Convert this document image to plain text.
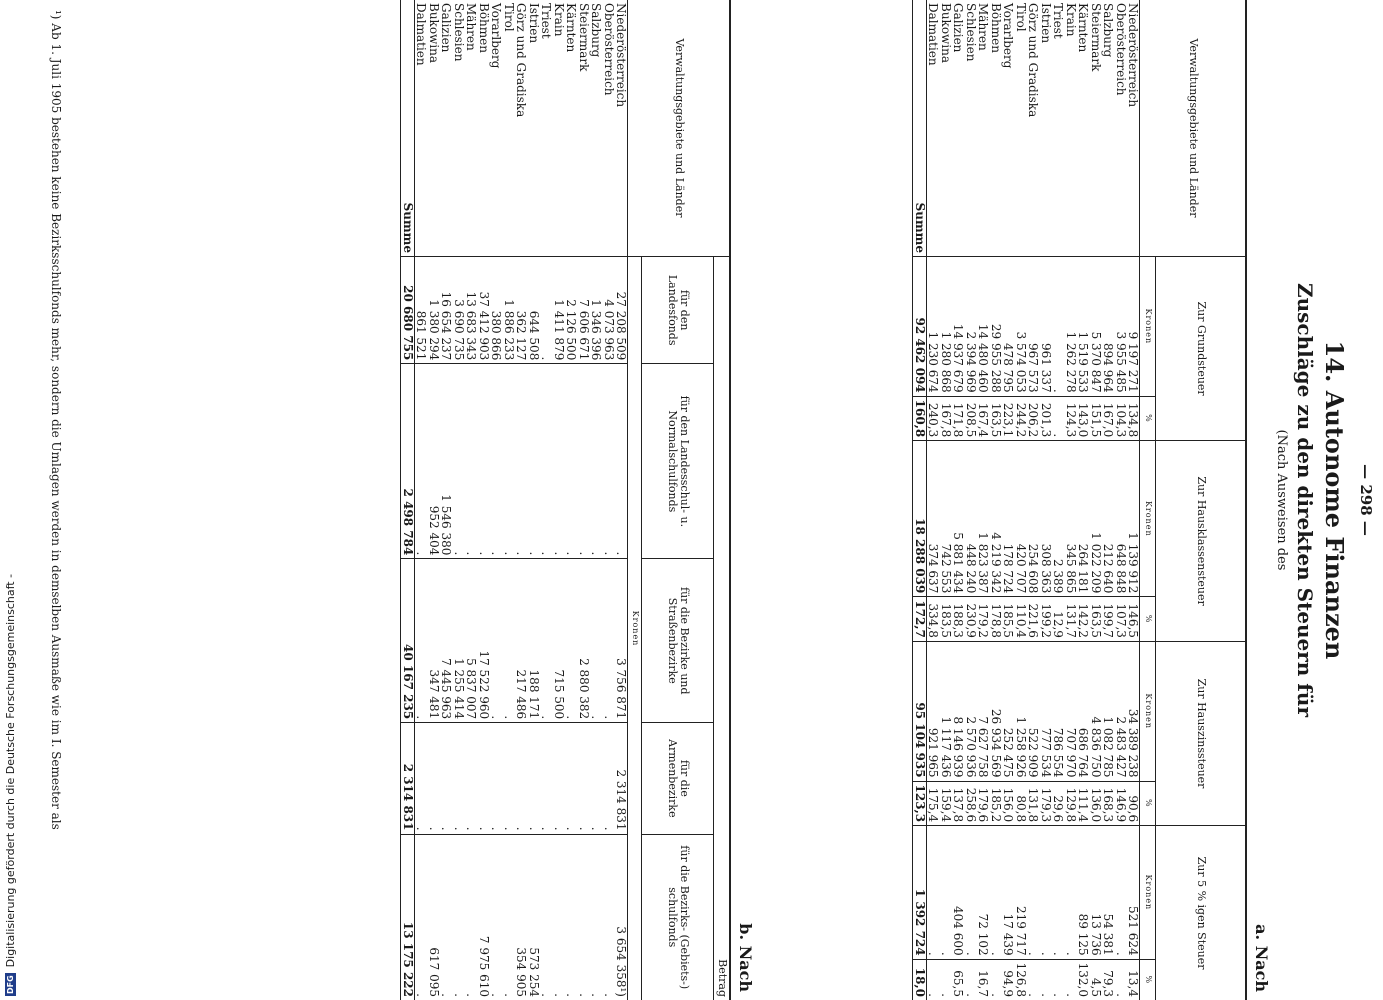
DFG
Digitalisierung gefördert durch die Deutsche Forschungsgemeinschaft -
— 298 —
14. Autonome Finanzen
Zuschläge zu den direkten Steuern für
(Nach Ausweisen des
a. Nach
Verwaltungsgebiete und Länder	Zur Grundsteuer		Zur Hausklassensteuer		Zur Hauszinssteuer		Zur 5 % igen Steuer	
	Kronen	%	Kronen	%	Kronen	%	Kronen	%
Niederösterreich	9 197 271	134,8	1 139 912	146,5	34 389 238	90,6	521 624	13,4
Oberösterreich	3 955 485	104,3	648 848	107,3	2 483 427	146,9	.	.
Salzburg	894 964	167,0	212 640	199,7	1 082 785	168,3	54 381	79,3
Steiermark	5 370 847	151,5	1 022 209	163,5	4 836 750	136,0	13 736	4,5
Kärnten	1 519 533	143,0	264 181	142,2	686 764	111,4	89 125	132,0
Krain	1 262 278	124,3	345 865	131,7	707 970	129,8	.	.
Triest	.	.	2 389	12,9	786 554	29,6	.	.
Istrien	961 337	201,3	308 363	199,2	777 534	179,3	.	.
Görz und Gradiska	967 573	206,2	254 608	221,6	522 909	131,8	.	.
Tirol	3 574 053	244,2	420 707	110,4	1 258 926	80,8	219 717	126,8
Vorarlberg	478 795	223,1	178 724	185,5	252 475	156,0	17 439	94,9
Böhmen	29 955 288	163,5	4 219 342	178,8	26 934 569	185,2	.	.
Mähren	14 480 460	167,4	1 823 387	179,2	7 627 758	179,6	72 102	16,7
Schlesien	2 394 969	208,5	448 240	230,9	2 570 936	258,6	.	.
Galizien	14 937 679	171,8	5 881 434	188,3	8 146 939	137,8	404 600	65,5
Bukowina	1 280 868	167,8	742 553	183,5	1 117 436	159,4	.	.
Dalmatien	1 230 674	240,3	374 637	334,8	921 965	175,4	.	.
Summe	92 462 094	160,8	18 288 039	172,7	95 104 935	123,3	1 392 724	18,0
b. Nach
Verwaltungsgebiete und Länder	Betrag				
	für den Landesfonds	für den Landesschul- u. Normalschulfonds	für die Bezirke und Straßenbezirke	für die Armenbezirke	für die Bezirks- (Gebiets-) schulfonds
	Kronen				
Niederösterreich	27 208 509	.	3 756 871	2 314 831	3 654 358¹)
Oberösterreich	4 073 963	.	.	.	.
Salzburg	1 346 396	.	.	.	.
Steiermark	7 606 671	.	2 880 382	.	.
Kärnten	2 126 500	.	.	.	.
Krain	1 411 879	.	715 500	.	.
Triest	.	.	.	.	.
Istrien	644 508	.	188 171	.	573 254
Görz und Gradiska	362 127	.	217 486	.	354 905
Tirol	1 886 233	.	.	.	.
Vorarlberg	380 866	.	.	.	.
Böhmen	37 412 903	.	17 522 960	.	7 975 610
Mähren	13 683 343	.	5 837 007	.	.
Schlesien	3 690 735	.	1 255 414	.	.
Galizien	16 654 237	1 546 380	7 445 963	.	.
Bukowina	1 380 294	952 404	347 481	.	617 095
Dalmatien	861 521	.	.	.	.
Summe	20 680 755	2 498 784	40 167 235	2 314 831	13 175 222
¹) Ab 1. Juli 1905 bestehen keine Bezirksschulfonds mehr, sondern die Umlagen werden in demselben Ausmaße wie im I. Semester als
